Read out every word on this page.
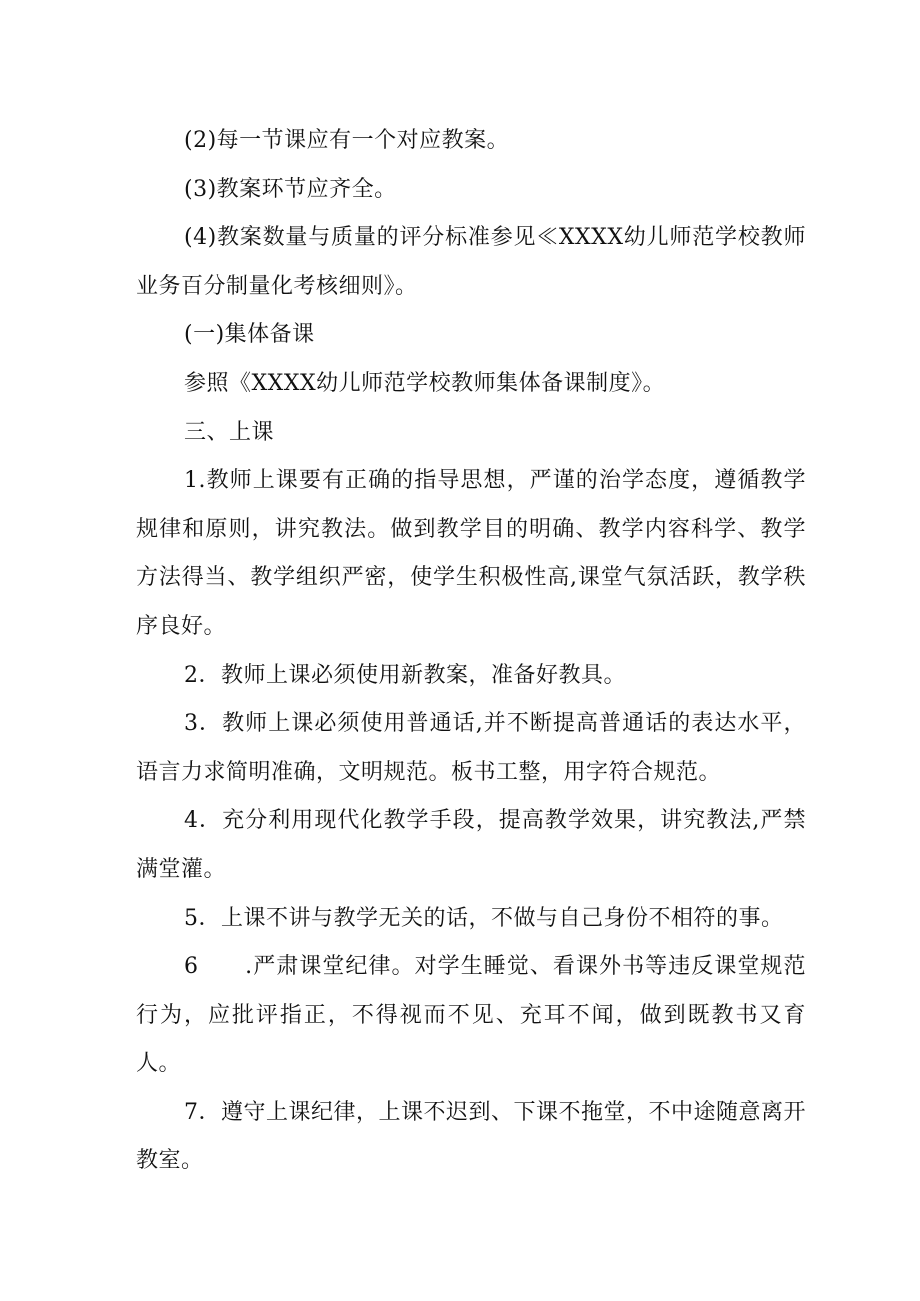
(2)每一节课应有一个对应教案。

(3)教案环节应齐全。

(4)教案数量与质量的评分标准参见≪XXXX幼儿师范学校教师业务百分制量化考核细则》。

(一)集体备课

参照《XXXX幼儿师范学校教师集体备课制度》。

三、上课

1.教师上课要有正确的指导思想，严谨的治学态度，遵循教学规律和原则，讲究教法。做到教学目的明确、教学内容科学、教学方法得当、教学组织严密，使学生积极性高,课堂气氛活跃，教学秩序良好。

2．教师上课必须使用新教案，准备好教具。

3．教师上课必须使用普通话,并不断提高普通话的表达水平，语言力求简明准确，文明规范。板书工整，用字符合规范。

4．充分利用现代化教学手段，提高教学效果，讲究教法,严禁满堂灌。

5．上课不讲与教学无关的话，不做与自己身份不相符的事。

6　　.严肃课堂纪律。对学生睡觉、看课外书等违反课堂规范行为，应批评指正，不得视而不见、充耳不闻，做到既教书又育人。

7．遵守上课纪律，上课不迟到、下课不拖堂，不中途随意离开教室。
